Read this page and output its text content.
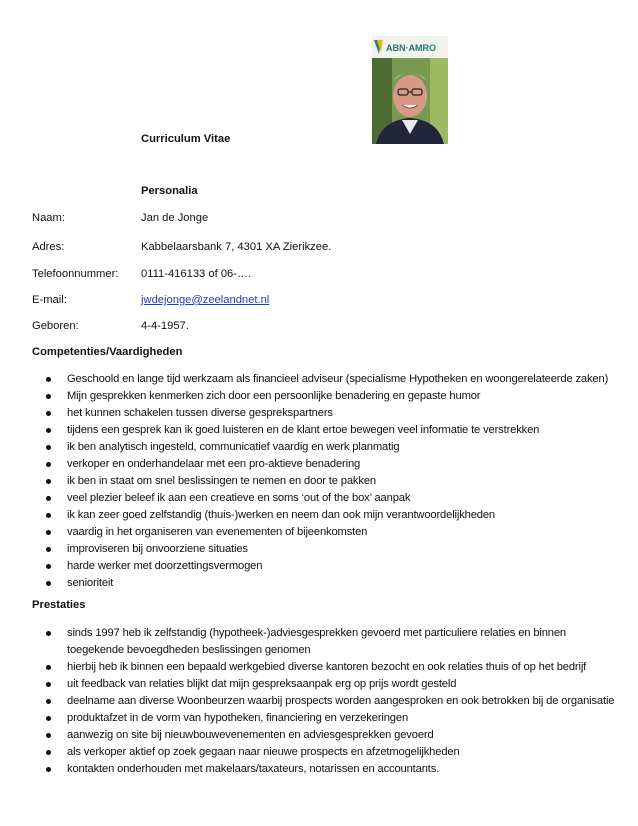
ABN·AMRO
Curriculum Vitae
Personalia
Naam:	Jan de Jonge
Adres:	Kabbelaarsbank 7, 4301 XA Zierikzee.
Telefoonnummer: 0111-416133 of 06-….
E-mail:	jwdejonge@zeelandnet.nl
Geboren:	4-4-1957.
Competenties/Vaardigheden
Geschoold en lange tijd werkzaam als financieel adviseur (specialisme Hypotheken en woongerelateerde zaken)
Mijn gesprekken kenmerken zich door een persoonlijke benadering en gepaste humor
het kunnen schakelen tussen diverse gesprekspartners
tijdens een gesprek kan ik goed luisteren en de klant ertoe bewegen veel informatie te verstrekken
ik ben analytisch ingesteld, communicatief vaardig en werk planmatig
verkoper en onderhandelaar met een pro-aktieve benadering
ik ben in staat om snel beslissingen te nemen en door te pakken
veel plezier beleef ik aan een creatieve en soms ‘out of the box’ aanpak
ik kan zeer goed zelfstandig (thuis-)werken en neem dan ook mijn verantwoordelijkheden
vaardig in het organiseren van evenementen of bijeenkomsten
improviseren bij onvoorziene situaties
harde werker met doorzettingsvermogen
senioriteit
Prestaties
sinds 1997 heb ik zelfstandig (hypotheek-)adviesgesprekken gevoerd met particuliere relaties en binnen toegekende bevoegdheden beslissingen genomen
hierbij heb ik binnen een bepaald werkgebied diverse kantoren bezocht en ook relaties thuis of op het bedrijf
uit feedback van relaties blijkt dat mijn gespreksaanpak erg op prijs wordt gesteld
deelname aan diverse Woonbeurzen waarbij prospects worden aangesproken en ook betrokken bij de organisatie
produktafzet in de vorm van hypotheken, financiering en verzekeringen
aanwezig on site bij nieuwbouwevenementen en adviesgesprekken gevoerd
als verkoper aktief op zoek gegaan naar nieuwe prospects en afzetmogelijkheden
kontakten onderhouden met makelaars/taxateurs, notarissen en accountants.
